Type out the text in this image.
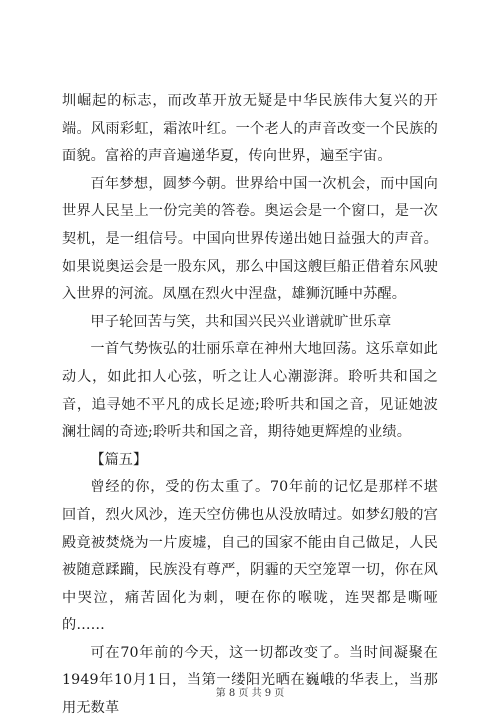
圳崛起的标志，而改革开放无疑是中华民族伟大复兴的开端。风雨彩虹，霜浓叶红。一个老人的声音改变一个民族的面貌。富裕的声音遍递华夏，传向世界，遍至宇宙。

百年梦想，圆梦今朝。世界给中国一次机会，而中国向世界人民呈上一份完美的答卷。奥运会是一个窗口，是一次契机，是一组信号。中国向世界传递出她日益强大的声音。如果说奥运会是一股东风，那么中国这艘巨船正借着东风驶入世界的河流。凤凰在烈火中涅盘，雄狮沉睡中苏醒。

甲子轮回苦与笑，共和国兴民兴业谱就旷世乐章

一首气势恢弘的壮丽乐章在神州大地回荡。这乐章如此动人，如此扣人心弦，听之让人心潮澎湃。聆听共和国之音，追寻她不平凡的成长足迹;聆听共和国之音，见证她波澜壮阔的奇迹;聆听共和国之音，期待她更辉煌的业绩。

【篇五】

曾经的你，受的伤太重了。70年前的记忆是那样不堪回首，烈火风沙，连天空仿佛也从没放晴过。如梦幻般的宫殿竟被焚烧为一片废墟，自己的国家不能由自己做足，人民被随意蹂躏，民族没有尊严，阴霾的天空笼罩一切，你在风中哭泣，痛苦固化为刺，哽在你的喉咙，连哭都是嘶哑的……

可在70年前的今天，这一切都改变了。当时间凝聚在1949年10月1日，当第一缕阳光晒在巍峨的华表上，当那用无数革

第 8 页 共 9 页
